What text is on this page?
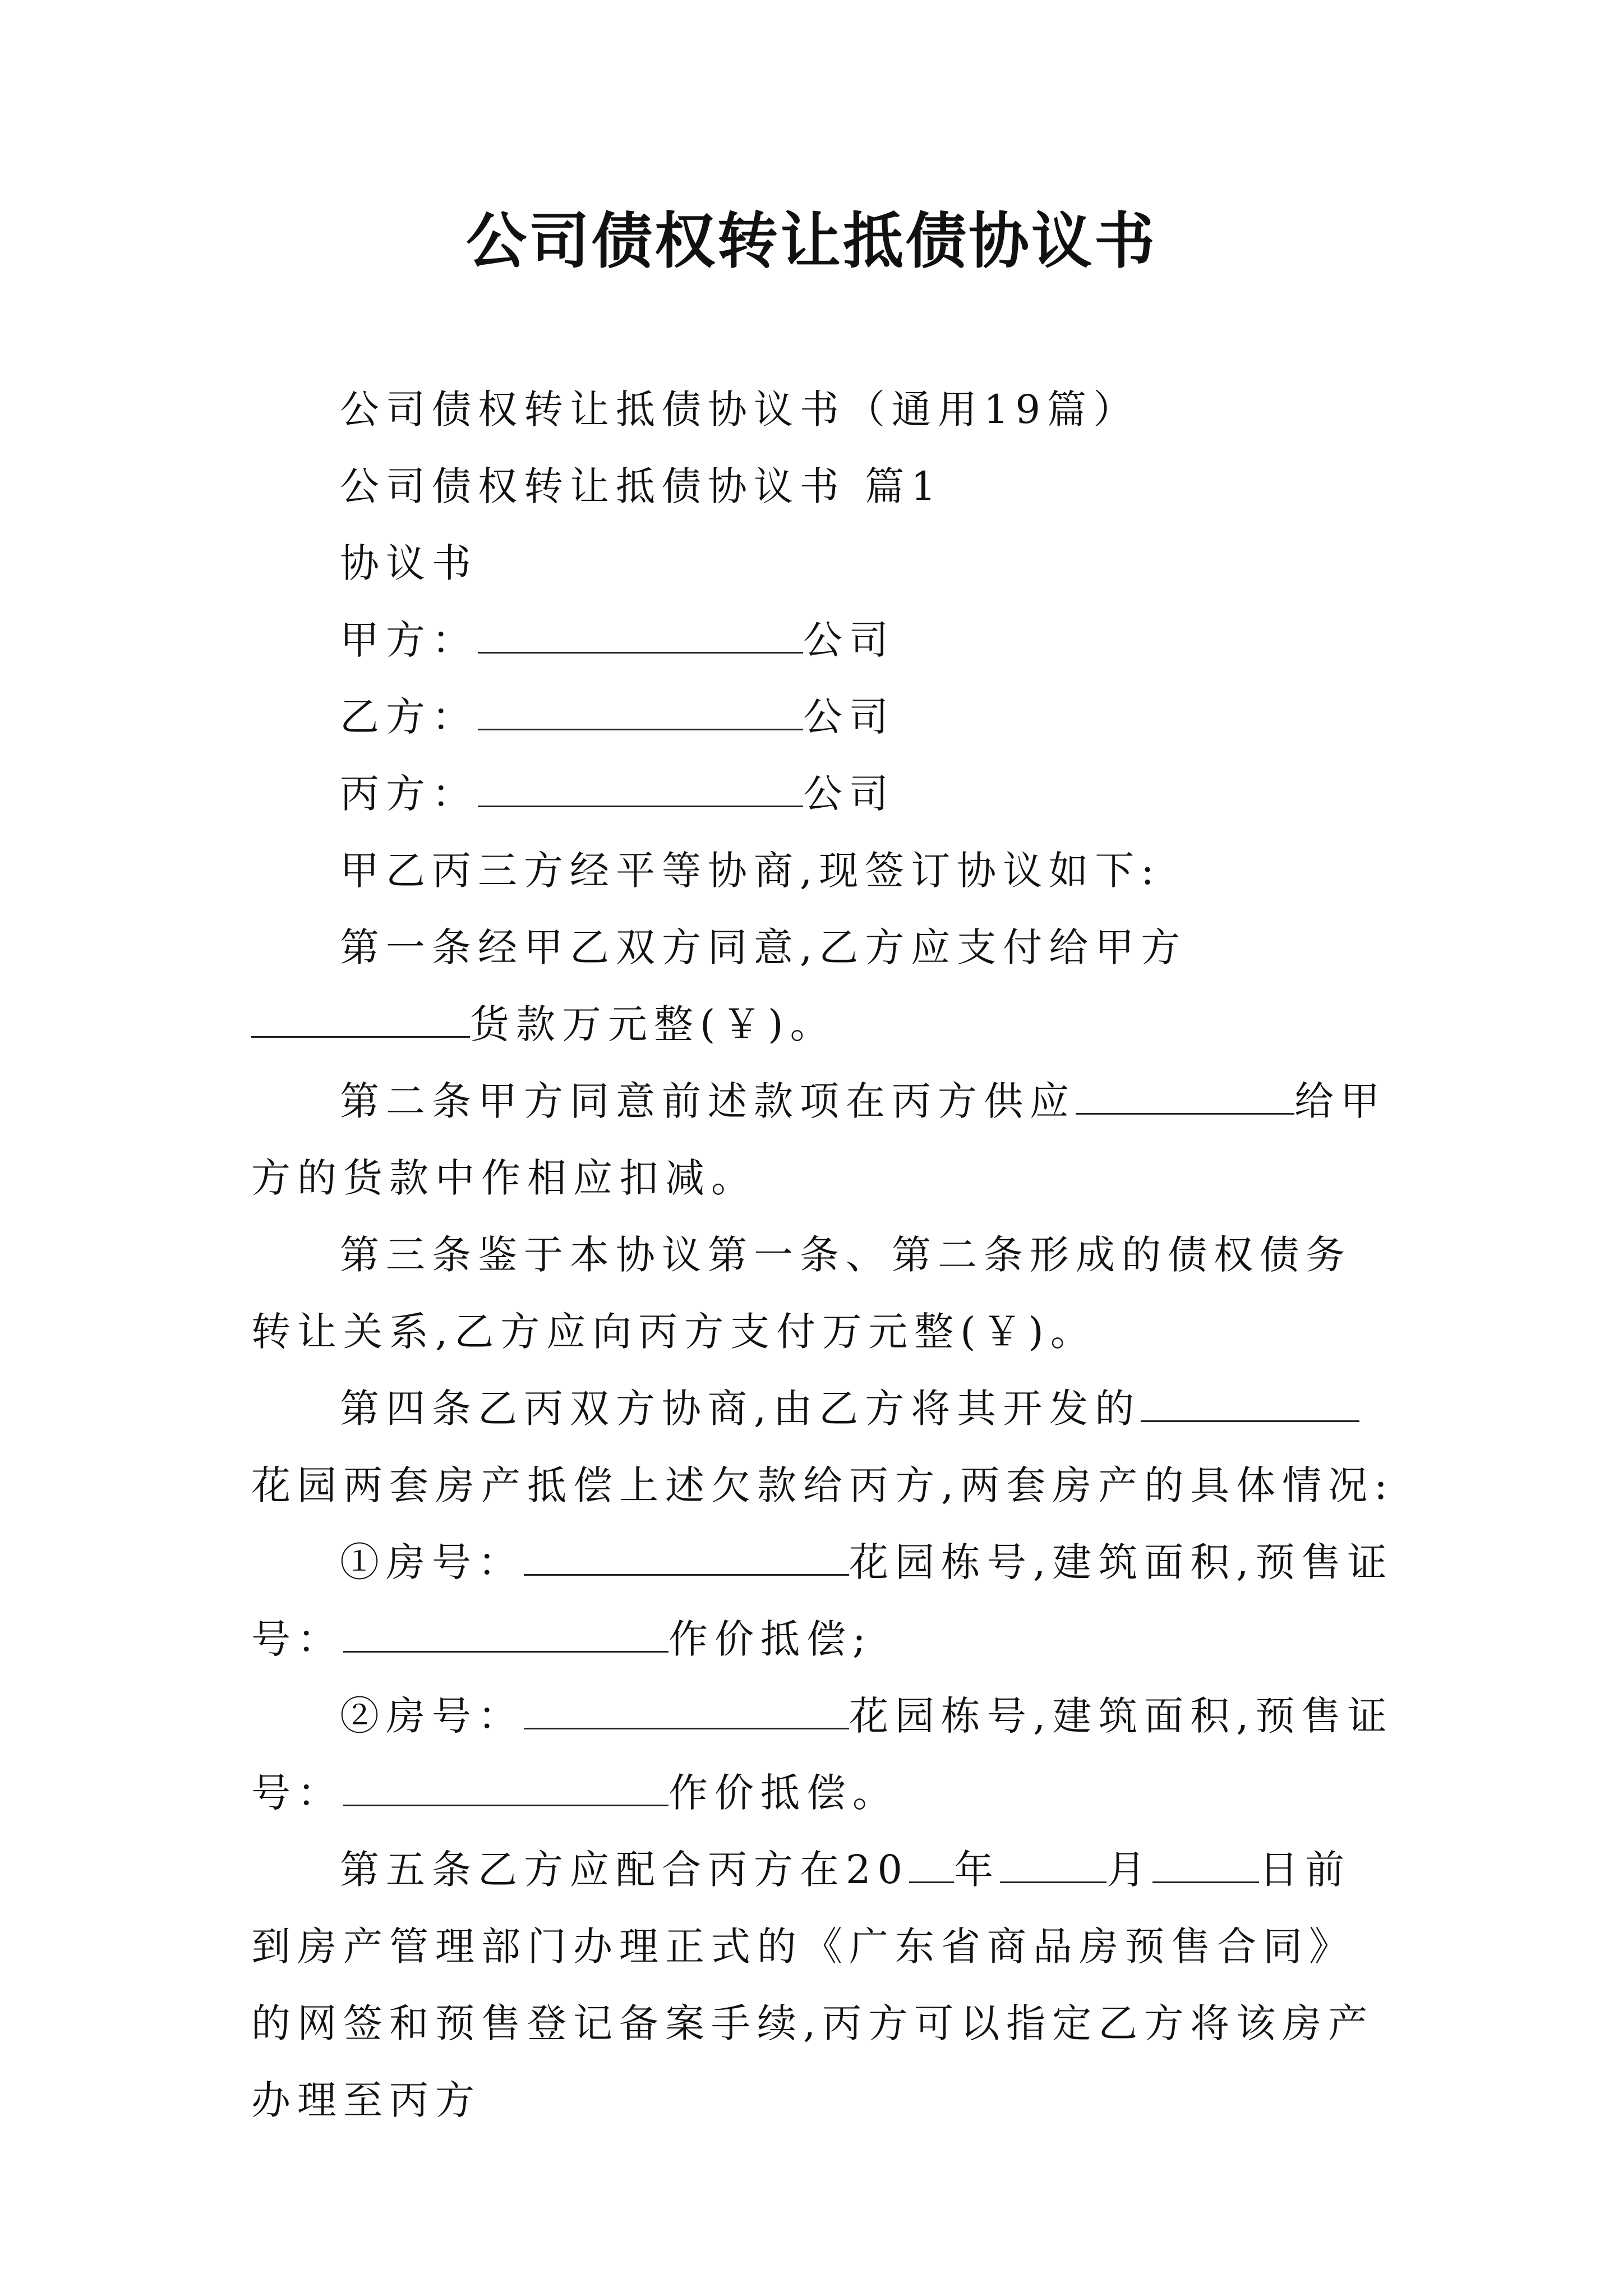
公司债权转让抵债协议书

公司债权转让抵债协议书（通用19篇）

公司债权转让抵债协议书 篇1

协议书

甲方：	公司

乙方：	公司

丙方：	公司

甲乙丙三方经平等协商,现签订协议如下:

第一条经甲乙双方同意,乙方应支付给甲方货款万元整(￥)。

第二条甲方同意前述款项在丙方供应	给甲方的货款中作相应扣减。

第三条鉴于本协议第一条、第二条形成的债权债务转让关系,乙方应向丙方支付万元整(￥)。

第四条乙丙双方协商,由乙方将其开发的花园两套房产抵偿上述欠款给丙方,两套房产的具体情况:

①房号：	花园栋号,建筑面积,预售证号：	作价抵偿;

②房号：	花园栋号,建筑面积,预售证号：	作价抵偿。

第五条乙方应配合丙方在20 年	月	日前到房产管理部门办理正式的《广东省商品房预售合同》的网签和预售登记备案手续,丙方可以指定乙方将该房产办理至丙方
